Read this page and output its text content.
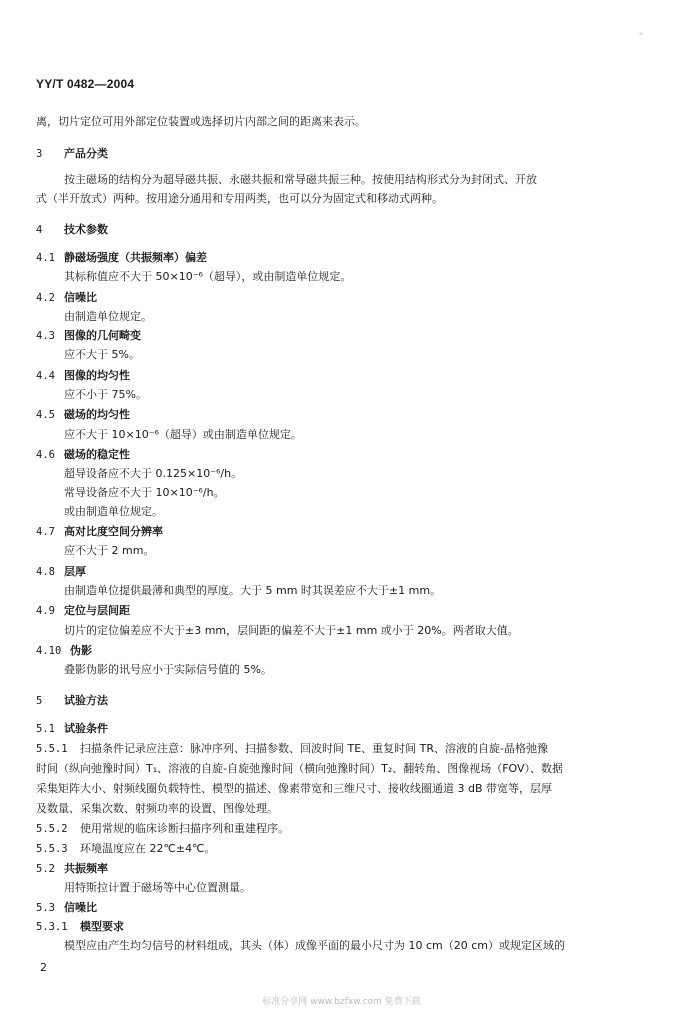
"
YY/T 0482—2004
离，切片定位可用外部定位装置或选择切片内部之间的距离来表示。
3 产品分类
按主磁场的结构分为超导磁共振、永磁共振和常导磁共振三种。按使用结构形式分为封闭式、开放
式（半开放式）两种。按用途分通用和专用两类，也可以分为固定式和移动式两种。
4 技术参数
4.1 静磁场强度（共振频率）偏差
其标称值应不大于 50×10⁻⁶（超导），或由制造单位规定。
4.2 信噪比
由制造单位规定。
4.3 图像的几何畸变
应不大于 5%。
4.4 图像的均匀性
应不小于 75%。
4.5 磁场的均匀性
应不大于 10×10⁻⁶（超导）或由制造单位规定。
4.6 磁场的稳定性
超导设备应不大于 0.125×10⁻⁶/h。
常导设备应不大于 10×10⁻⁶/h。
或由制造单位规定。
4.7 高对比度空间分辨率
应不大于 2 mm。
4.8 层厚
由制造单位提供最薄和典型的厚度。大于 5 mm 时其误差应不大于±1 mm。
4.9 定位与层间距
切片的定位偏差应不大于±3 mm，层间距的偏差不大于±1 mm 或小于 20%。两者取大值。
4.10 伪影
叠影伪影的讯号应小于实际信号值的 5%。
5 试验方法
5.1 试验条件
5.5.1 扫描条件记录应注意：脉冲序列、扫描参数、回波时间 TE、重复时间 TR、溶液的自旋-晶格弛豫
时间（纵向弛豫时间）T₁、溶液的自旋-自旋弛豫时间（横向弛豫时间）T₂、翻转角、图像视场（FOV）、数据
采集矩阵大小、射频线圈负载特性、模型的描述、像素带宽和三维尺寸、接收线圈通道 3 dB 带宽等，层厚
及数量、采集次数、射频功率的设置、图像处理。
5.5.2 使用常规的临床诊断扫描序列和重建程序。
5.5.3 环境温度应在 22℃±4℃。
5.2 共振频率
用特斯拉计置于磁场等中心位置测量。
5.3 信噪比
5.3.1 模型要求
模型应由产生均匀信号的材料组成，其头（体）成像平面的最小尺寸为 10 cm（20 cm）或规定区域的
2
标准分享网 www.bzfxw.com 免费下载
